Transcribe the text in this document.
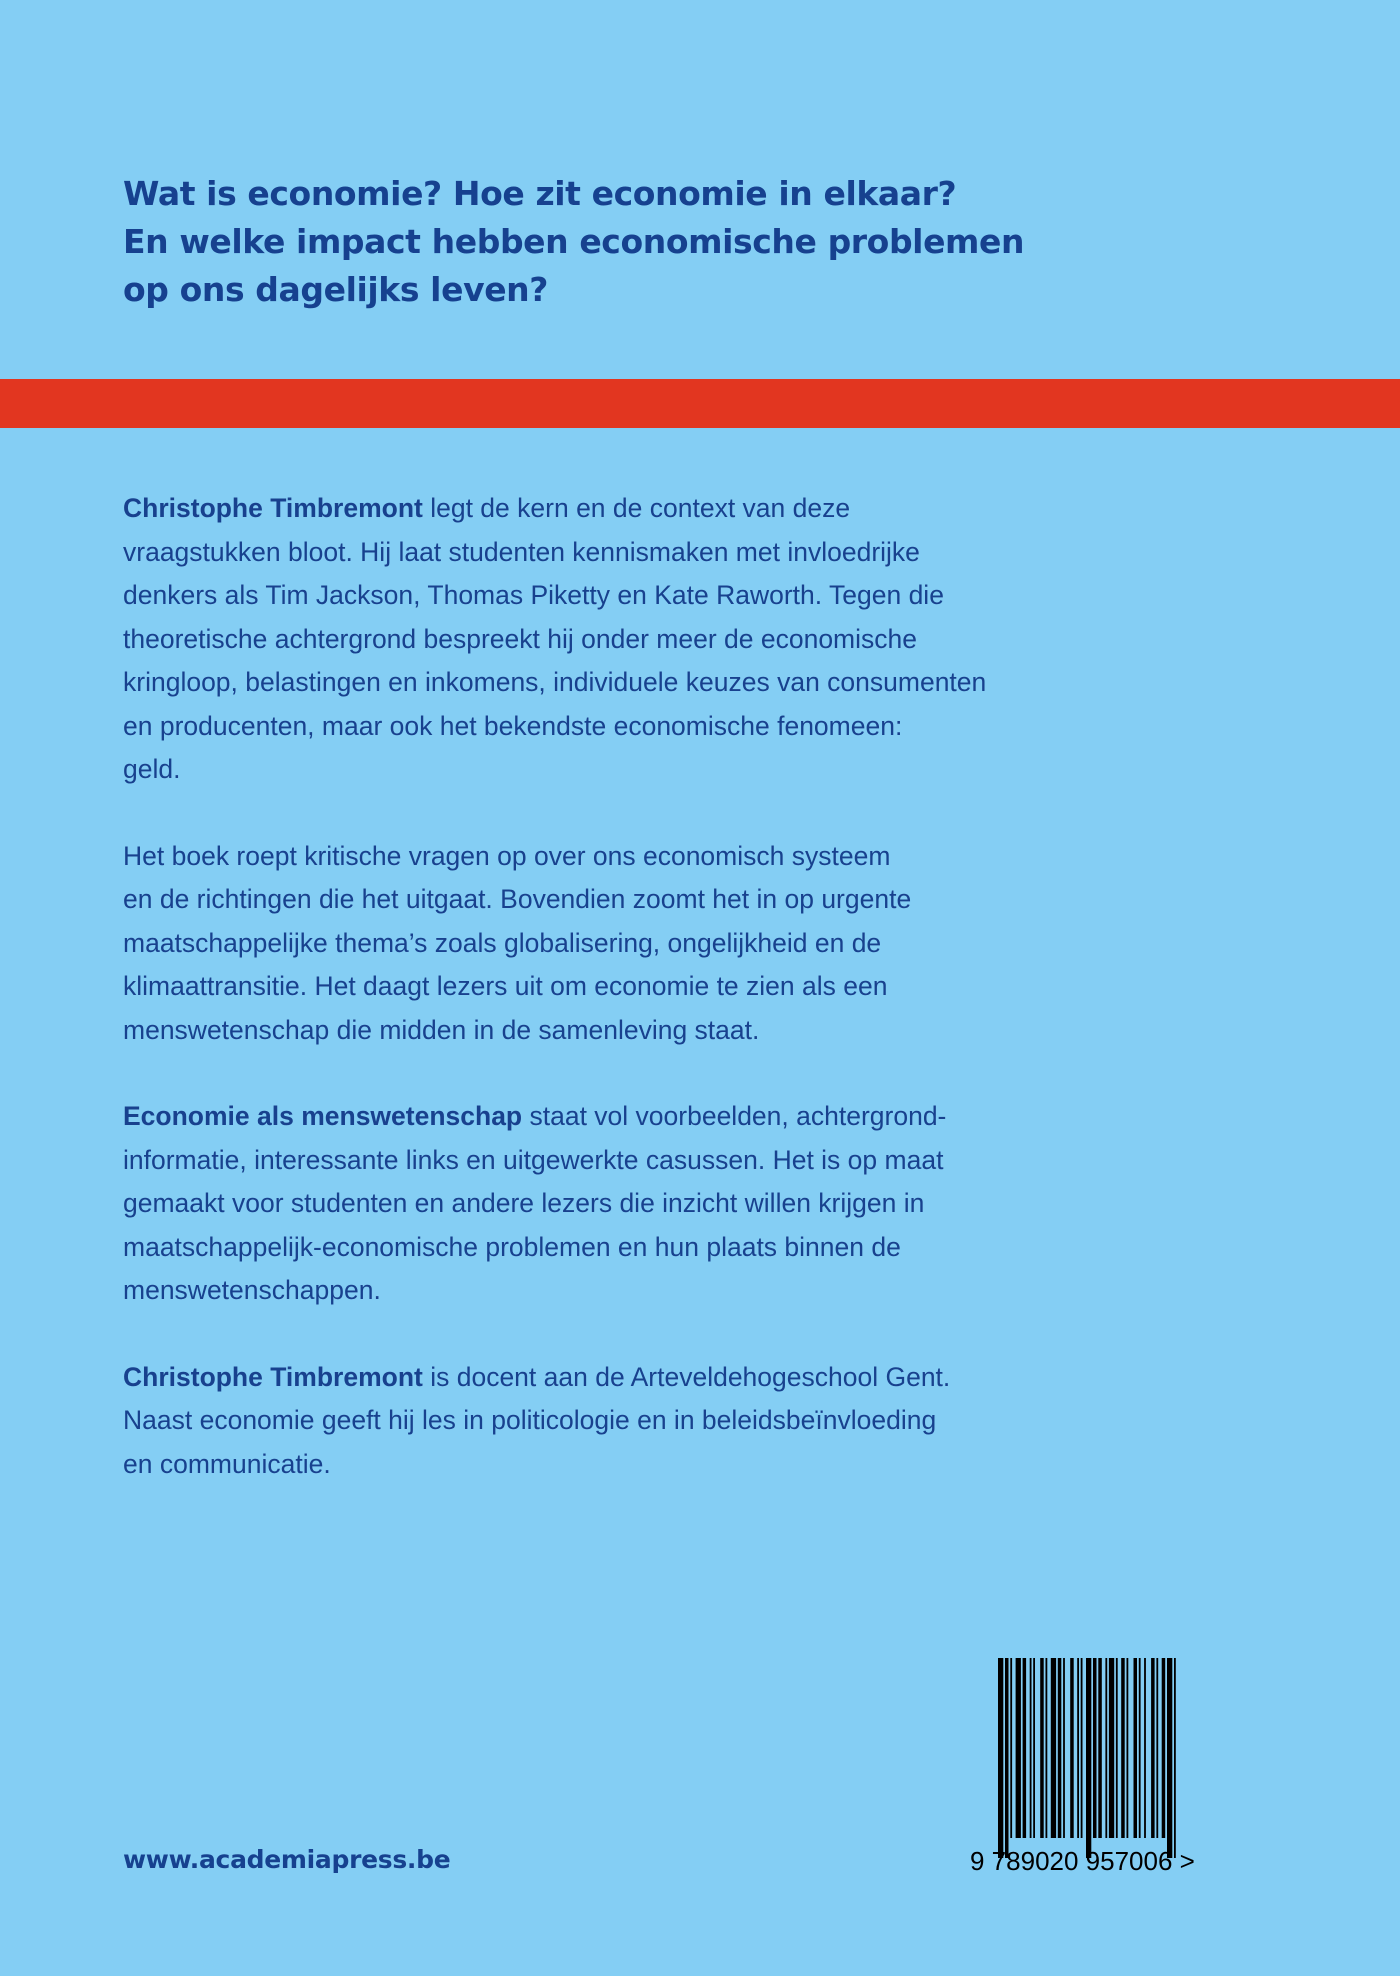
Wat is economie? Hoe zit economie in elkaar?
En welke impact hebben economische problemen
op ons dagelijks leven?

Christophe Timbremont legt de kern en de context van deze
vraagstukken bloot. Hij laat studenten kennismaken met invloedrijke
denkers als Tim Jackson, Thomas Piketty en Kate Raworth. Tegen die
theoretische achtergrond bespreekt hij onder meer de economische
kringloop, belastingen en inkomens, individuele keuzes van consumenten
en producenten, maar ook het bekendste economische fenomeen:
geld.

Het boek roept kritische vragen op over ons economisch systeem
en de richtingen die het uitgaat. Bovendien zoomt het in op urgente
maatschappelijke thema’s zoals globalisering, ongelijkheid en de
klimaattransitie. Het daagt lezers uit om economie te zien als een
menswetenschap die midden in de samenleving staat.

Economie als menswetenschap staat vol voorbeelden, achtergrond-
informatie, interessante links en uitgewerkte casussen. Het is op maat
gemaakt voor studenten en andere lezers die inzicht willen krijgen in
maatschappelijk-economische problemen en hun plaats binnen de
menswetenschappen.

Christophe Timbremont is docent aan de Arteveldehogeschool Gent.
Naast economie geeft hij les in politicologie en in beleidsbeïnvloeding
en communicatie.

www.academiapress.be	9 789020 957006 >
